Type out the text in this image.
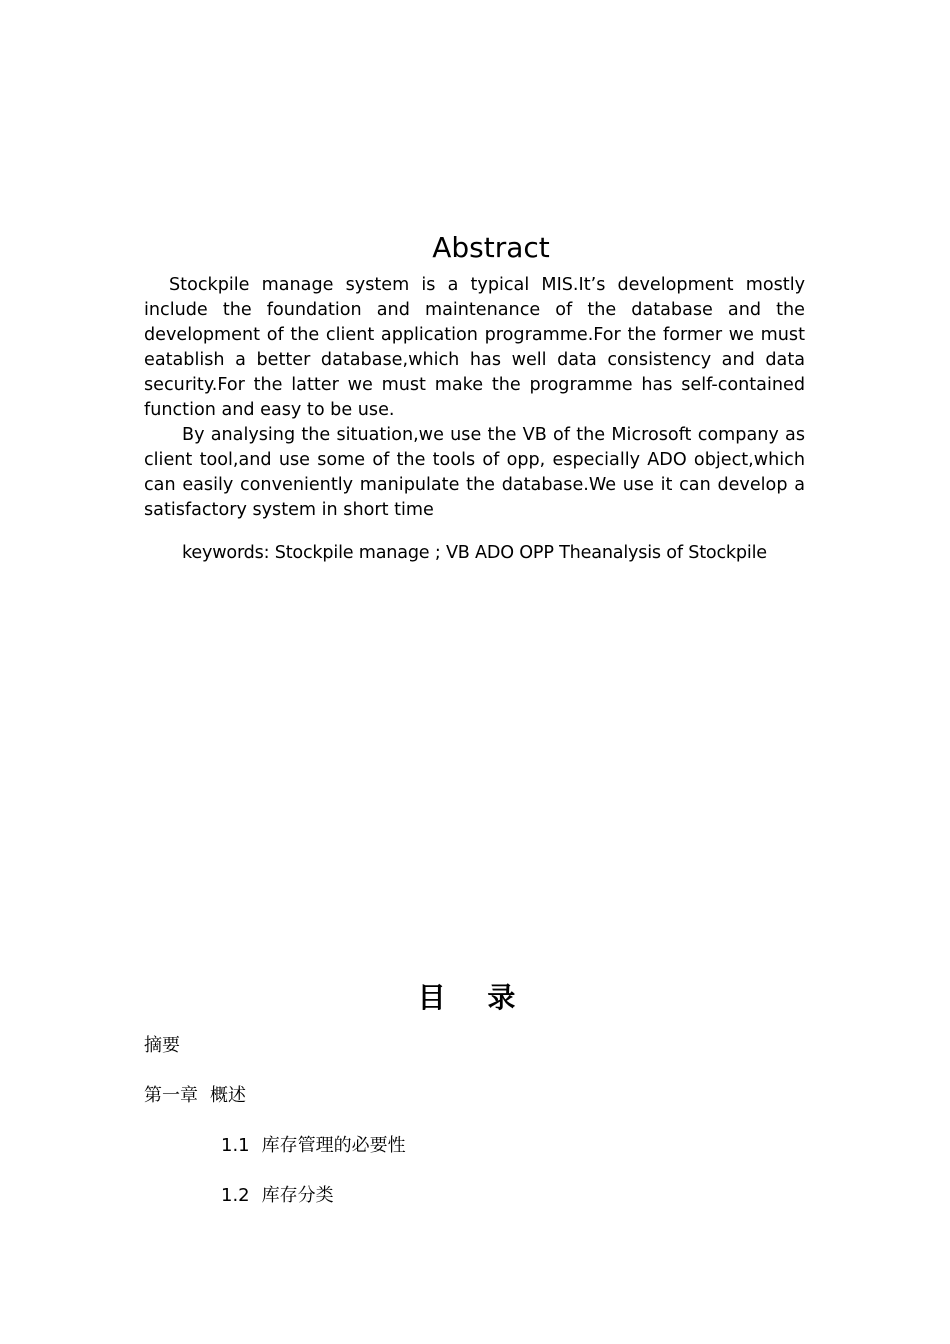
Abstract

Stockpile manage system is a typical MIS.It’s development mostly include the foundation and maintenance of the database and the development of the client application programme.For the former we must eatablish a better database,which has well data consistency and data security.For the latter we must make the programme has self-contained function and easy to be use.

By analysing the situation,we use the VB of the Microsoft company as client tool,and use some of the tools of opp, especially ADO object,which can easily conveniently manipulate the database.We use it can develop a satisfactory system in short time

keywords: Stockpile manage ; VB ADO OPP Theanalysis of Stockpile

目 录
摘要
第一章 概述
1.1 库存管理的必要性
1.2 库存分类
